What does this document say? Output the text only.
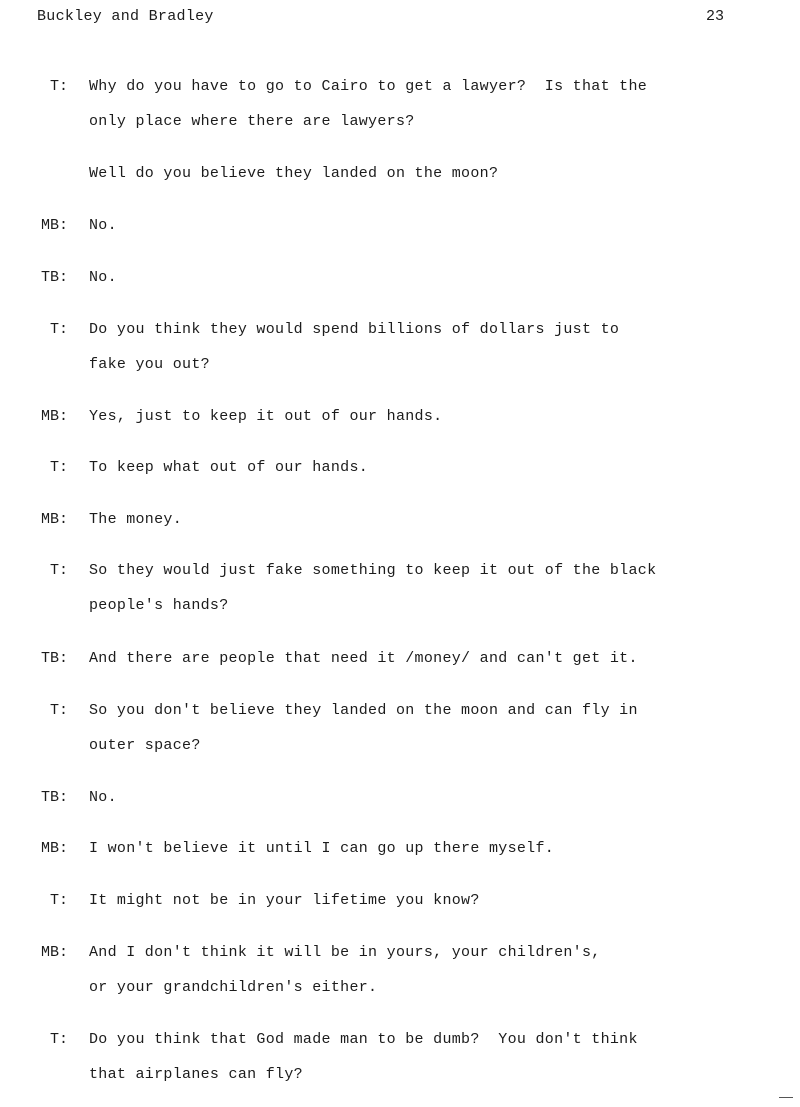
Buckley and Bradley	23
T: Why do you have to go to Cairo to get a lawyer?  Is that the
only place where there are lawyers?
Well do you believe they landed on the moon?
MB: No.
TB: No.
T: Do you think they would spend billions of dollars just to
fake you out?
MB: Yes, just to keep it out of our hands.
T: To keep what out of our hands.
MB: The money.
T: So they would just fake something to keep it out of the black
people's hands?
TB: And there are people that need it /money/ and can't get it.
T: So you don't believe they landed on the moon and can fly in
outer space?
TB: No.
MB: I won't believe it until I can go up there myself.
T: It might not be in your lifetime you know?
MB: And I don't think it will be in yours, your children's,
or your grandchildren's either.
T: Do you think that God made man to be dumb?  You don't think
that airplanes can fly?
